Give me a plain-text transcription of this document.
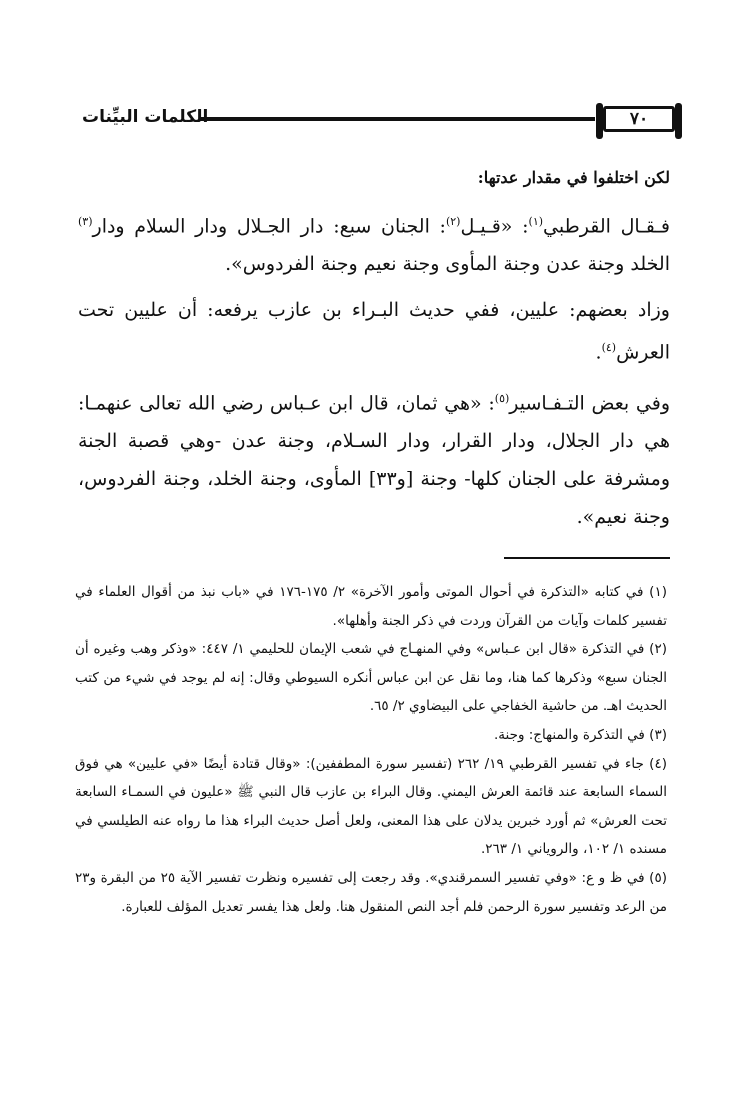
٧٠
الكلمات البيِّنات

لكن اختلفوا في مقدار عدتها:

فـقـال القرطبي$^{(١)}$: «قـيـل$^{(٢)}$: الجنان سبع: دار الجـلال ودار السلام ودار$^{(٣)}$ الخلد وجنة عدن وجنة المأوى وجنة نعيم وجنة الفردوس».

وزاد بعضهم: عليين، ففي حديث البـراء بن عازب يرفعه: أن عليين تحت العرش$^{(٤)}$.

وفي بعض التـفـاسير$^{(٥)}$: «هي ثمان، قال ابن عـباس رضي الله تعالى عنهمـا: هي دار الجلال، ودار القرار، ودار السـلام، وجنة عدن -وهي قصبة الجنة ومشرفة على الجنان كلها- وجنة [و٣٣] المأوى، وجنة الخلد، وجنة الفردوس، وجنة نعيم».

(١) في كتابه «التذكرة في أحوال الموتى وأمور الآخرة» ٢/ ١٧٥-١٧٦ في «باب نبذ من أقوال العلماء في تفسير كلمات وآيات من القرآن وردت في ذكر الجنة وأهلها».

(٢) في التذكرة «قال ابن عـباس» وفي المنهـاج في شعب الإيمان للحليمي ١/ ٤٤٧: «وذكر وهب وغيره أن الجنان سبع» وذكرها كما هنا، وما نقل عن ابن عباس أنكره السيوطي وقال: إنه لم يوجد في شيء من كتب الحديث اهـ. من حاشية الخفاجي على البيضاوي ٢/ ٦٥.

(٣) في التذكرة والمنهاج: وجنة.

(٤) جاء في تفسير القرطبي ١٩/ ٢٦٢ (تفسير سورة المطففين): «وقال قتادة أيضًا «في عليين» هي فوق السماء السابعة عند قائمة العرش اليمني. وقال البراء بن عازب قال النبي ﷺ «عليون في السمـاء السابعة تحت العرش» ثم أورد خبرين يدلان على هذا المعنى، ولعل أصل حديث البراء هذا ما رواه عنه الطيلسي في مسنده ١/ ١٠٢، والروياني ١/ ٢٦٣.

(٥) في ظ و ع: «وفي تفسير السمرقندي». وقد رجعت إلى تفسيره ونظرت تفسير الآية ٢٥ من البقرة و٢٣ من الرعد وتفسير سورة الرحمن فلم أجد النص المنقول هنا. ولعل هذا يفسر تعديل المؤلف للعبارة.
